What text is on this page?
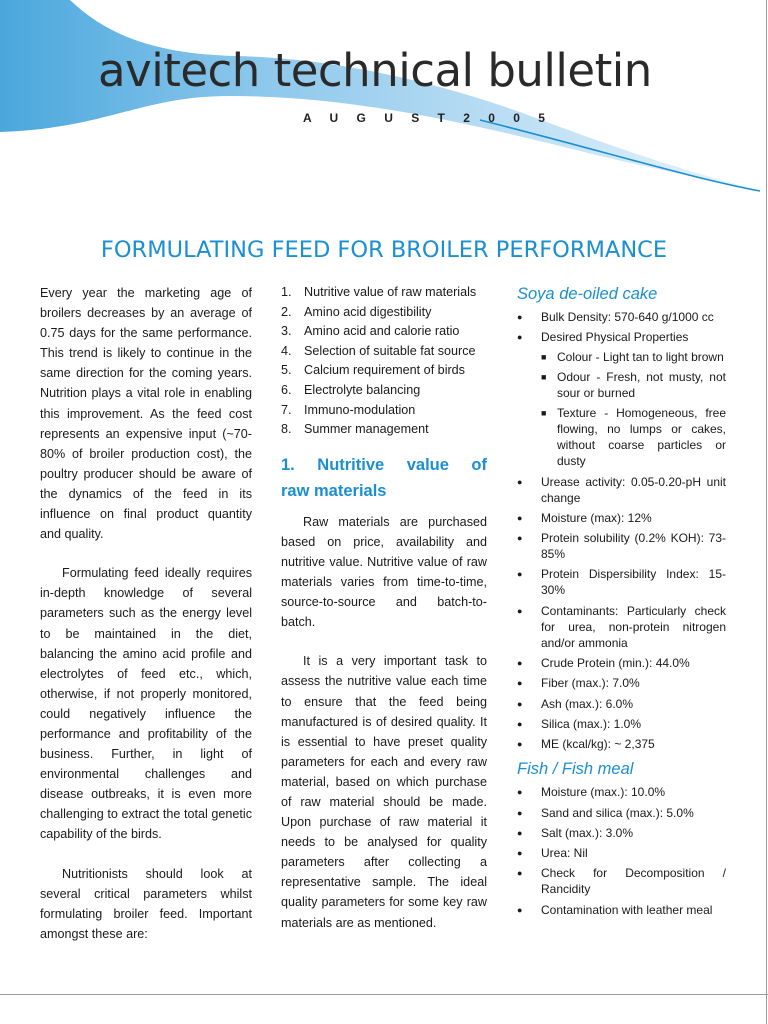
avitech technical bulletin
A U G U S T 2 0 0 5
FORMULATING FEED FOR BROILER PERFORMANCE

Every year the marketing age of broilers decreases by an average of 0.75 days for the same performance. This trend is likely to continue in the same direction for the coming years. Nutrition plays a vital role in enabling this improvement. As the feed cost represents an expensive input (~70-80% of broiler production cost), the poultry producer should be aware of the dynamics of the feed in its influence on final product quantity and quality.

Formulating feed ideally requires in-depth knowledge of several parameters such as the energy level to be maintained in the diet, balancing the amino acid profile and electrolytes of feed etc., which, otherwise, if not properly monitored, could negatively influence the performance and profitability of the business. Further, in light of environmental challenges and disease outbreaks, it is even more challenging to extract the total genetic capability of the birds.

Nutritionists should look at several critical parameters whilst formulating broiler feed. Important amongst these are:

1. Nutritive value of raw materials
2. Amino acid digestibility
3. Amino acid and calorie ratio
4. Selection of suitable fat source
5. Calcium requirement of birds
6. Electrolyte balancing
7. Immuno-modulation
8. Summer management
1. Nutritive value of
raw materials

Raw materials are purchased based on price, availability and nutritive value. Nutritive value of raw materials varies from time-to-time, source-to-source and batch-to-batch.

It is a very important task to assess the nutritive value each time to ensure that the feed being manufactured is of desired quality. It is essential to have preset quality parameters for each and every raw material, based on which purchase of raw material should be made. Upon purchase of raw material it needs to be analysed for quality parameters after collecting a representative sample. The ideal quality parameters for some key raw materials are as mentioned.

Soya de-oiled cake
● Bulk Density: 570-640 g/1000 cc
● Desired Physical Properties
■ Colour - Light tan to light brown
■ Odour - Fresh, not musty, not sour or burned
■ Texture - Homogeneous, free flowing, no lumps or cakes, without coarse particles or dusty
● Urease activity: 0.05-0.20-pH unit change
● Moisture (max): 12%
● Protein solubility (0.2% KOH): 73-85%
● Protein Dispersibility Index: 15-30%
● Contaminants: Particularly check for urea, non-protein nitrogen and/or ammonia
● Crude Protein (min.): 44.0%
● Fiber (max.): 7.0%
● Ash (max.): 6.0%
● Silica (max.): 1.0%
● ME (kcal/kg): ~ 2,375
Fish / Fish meal
● Moisture (max.): 10.0%
● Sand and silica (max.): 5.0%
● Salt (max.): 3.0%
● Urea: Nil
● Check for Decomposition / Rancidity
● Contamination with leather meal
